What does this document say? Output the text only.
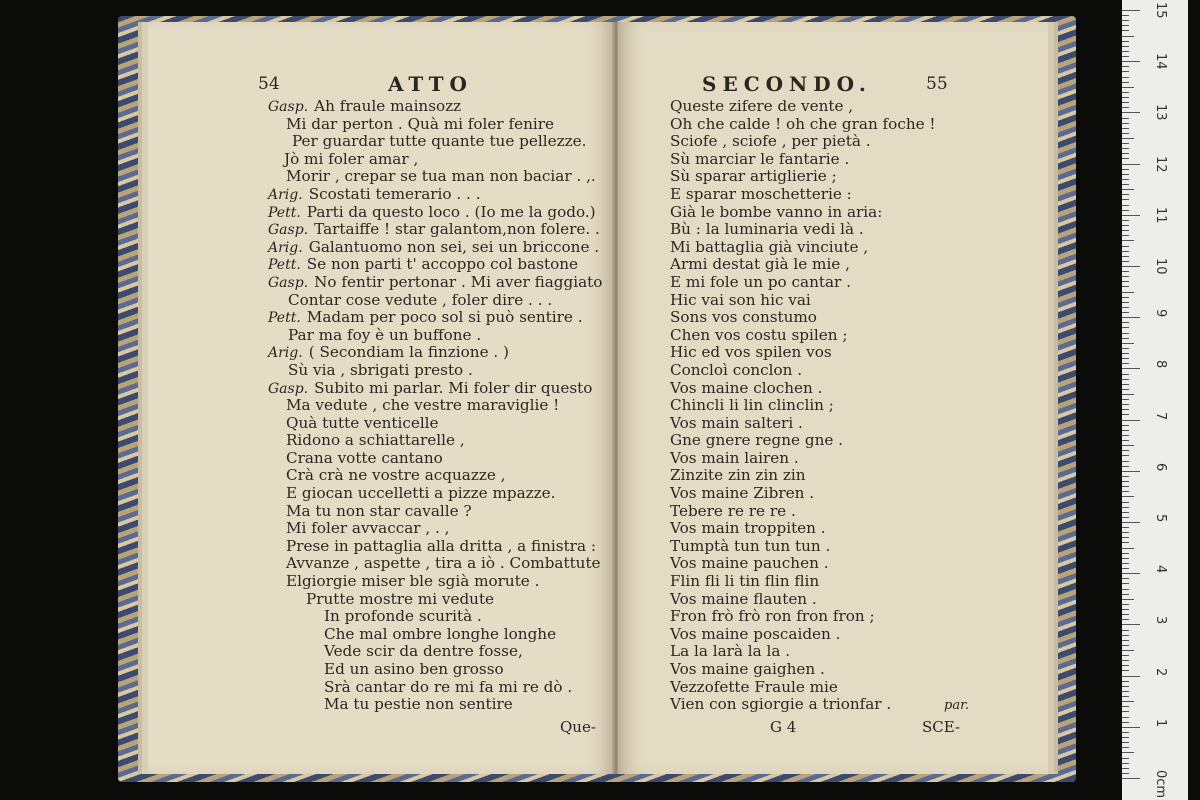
54	ATTO
Gasp. Ah fraule mainsozz
Mi dar perton . Quà mi foler fenire
Per guardar tutte quante tue pellezze.
Jò mi foler amar ,
Morir , crepar se tua man non baciar . ,.
Arig. Scostati temerario . . .
Pett. Parti da questo loco . (Io me la godo.)
Gasp. Tartaiffe ! star galantom,non folere. .
Arig. Galantuomo non sei, sei un briccone .
Pett. Se non parti t' accoppo col bastone
Gasp. No fentir pertonar . Mi aver fiaggiato
Contar cose vedute , foler dire . . .
Pett. Madam per poco sol si può sentire .
Par ma foy è un buffone .
Arig. ( Secondiam la finzione . )
Sù via , sbrigati presto .
Gasp. Subito mi parlar. Mi foler dir questo
Ma vedute , che vestre maraviglie !
Quà tutte venticelle
Ridono a schiattarelle ,
Crana votte cantano
Crà crà ne vostre acquazze ,
E giocan uccelletti a pizze mpazze.
Ma tu non star cavalle ?
Mi foler avvaccar , . ,
Prese in pattaglia alla dritta , a finistra :
Avvanze , aspette , tira a iò . Combattute
Elgiorgie miser ble sgià morute .
Prutte mostre mi vedute
In profonde scurità .
Che mal ombre longhe longhe
Vede scir da dentre fosse,
Ed un asino ben grosso
Srà cantar do re mi fa mi re dò .
Ma tu pestie non sentire
Que-
SECONDO.	55
Queste zifere de vente ,
Oh che calde ! oh che gran foche !
Sciofe , sciofe , per pietà .
Sù marciar le fantarie .
Sù sparar artiglierie ;
E sparar moschetterie :
Già le bombe vanno in aria:
Bù : la luminaria vedi là .
Mi battaglia già vinciute ,
Armi destat già le mie ,
E mi fole un po cantar .
Hic vai son hic vai
Sons vos constumo
Chen vos costu spilen ;
Hic ed vos spilen vos
Concloì conclon .
Vos maine clochen .
Chincli li lin clinclin ;
Vos main salteri .
Gne gnere regne gne .
Vos main lairen .
Zinzite zin zin zin
Vos maine Zibren .
Tebere re re re .
Vos main troppiten .
Tumptà tun tun tun .
Vos maine pauchen .
Flin fli li tin flin flin
Vos maine flauten .
Fron frò frò ron fron fron ;
Vos maine poscaiden .
La la larà la la .
Vos maine gaighen .
Vezzofette Fraule mie
Vien con sgiorgie a trionfar .	par.
G 4	SCE-
0cm
1
2
3
4
5
6
7
8
9
10
11
12
13
14
15
